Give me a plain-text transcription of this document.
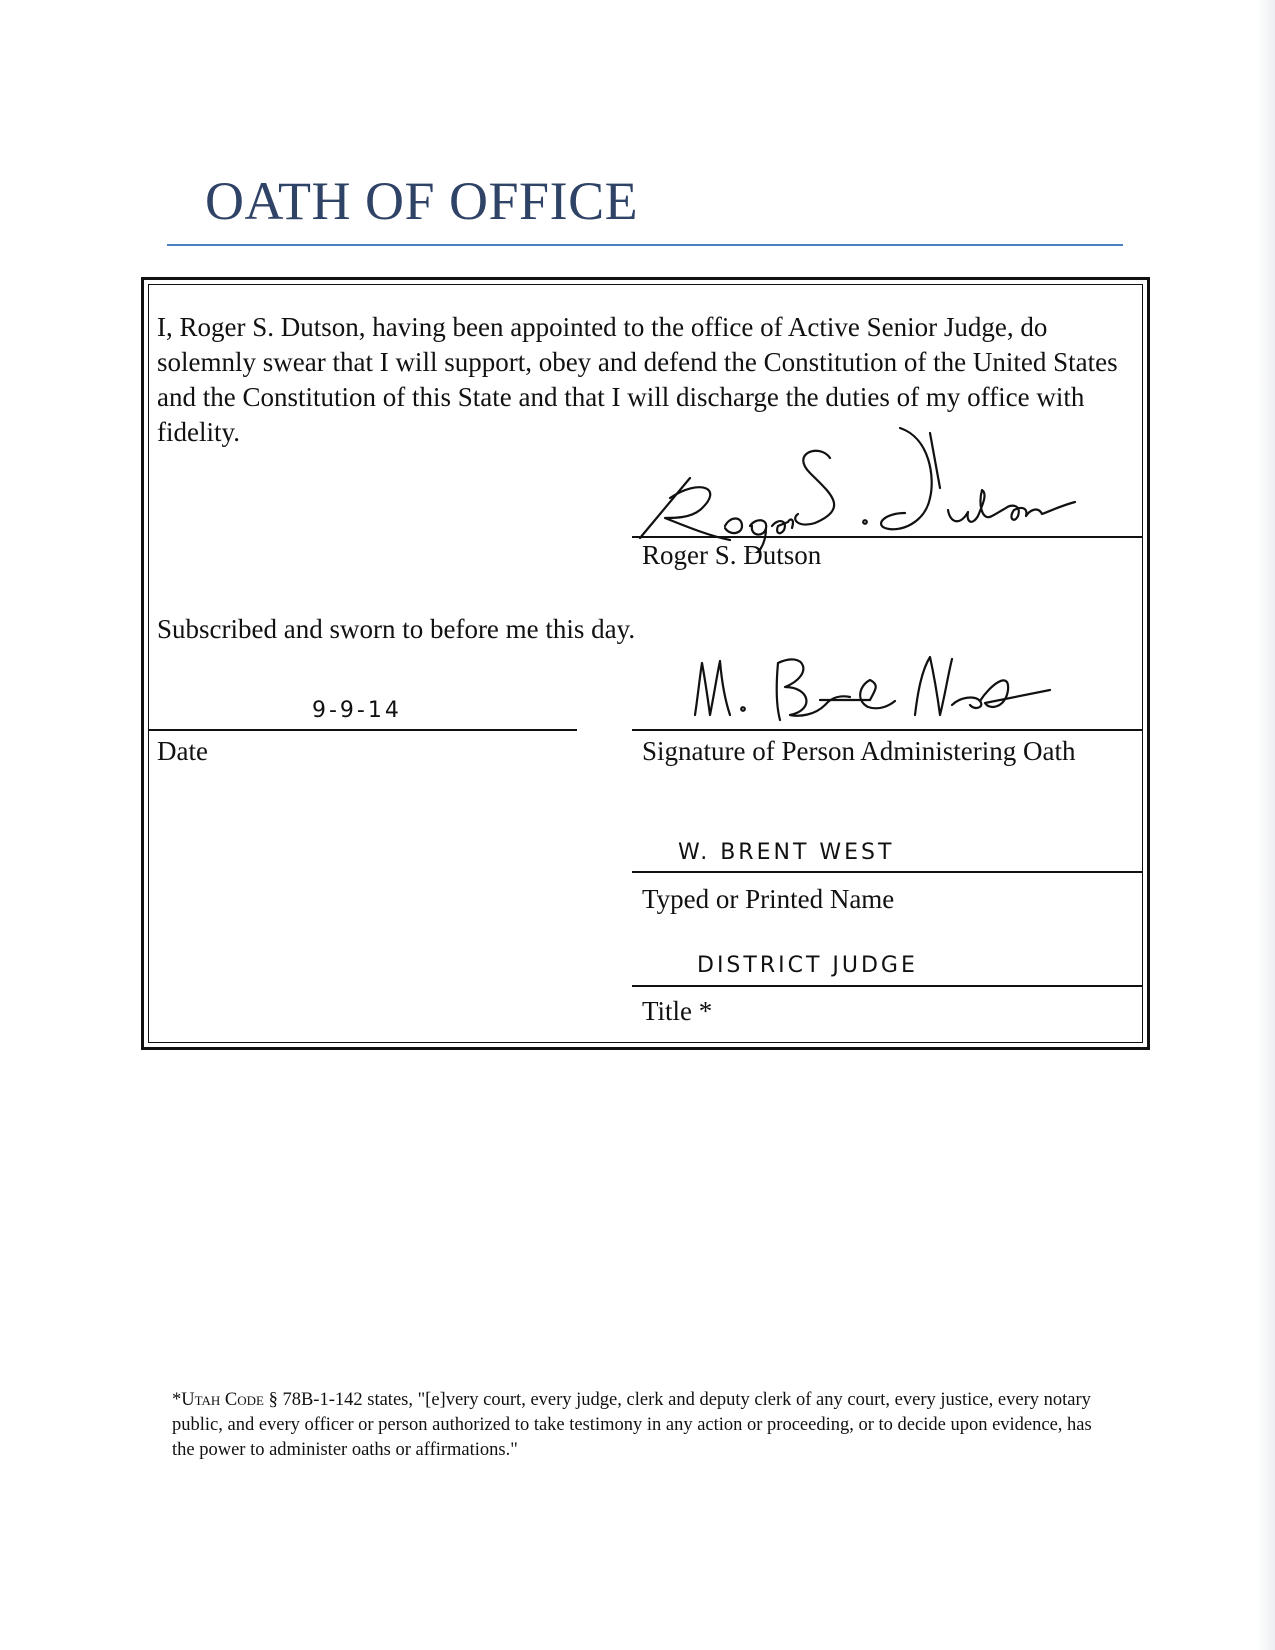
OATH OF OFFICE

I, Roger S. Dutson, having been appointed to the office of Active Senior Judge, do solemnly swear that I will support, obey and defend the Constitution of the United States and the Constitution of this State and that I will discharge the duties of my office with fidelity.

Roger S. Dutson
Subscribed and sworn to before me this day.
9-9-14
Date	Signature of Person Administering Oath
W. BRENT WEST
Typed or Printed Name
DISTRICT JUDGE
Title *

*Utah Code § 78B-1-142 states, "[e]very court, every judge, clerk and deputy clerk of any court, every justice, every notary public, and every officer or person authorized to take testimony in any action or proceeding, or to decide upon evidence, has the power to administer oaths or affirmations."
